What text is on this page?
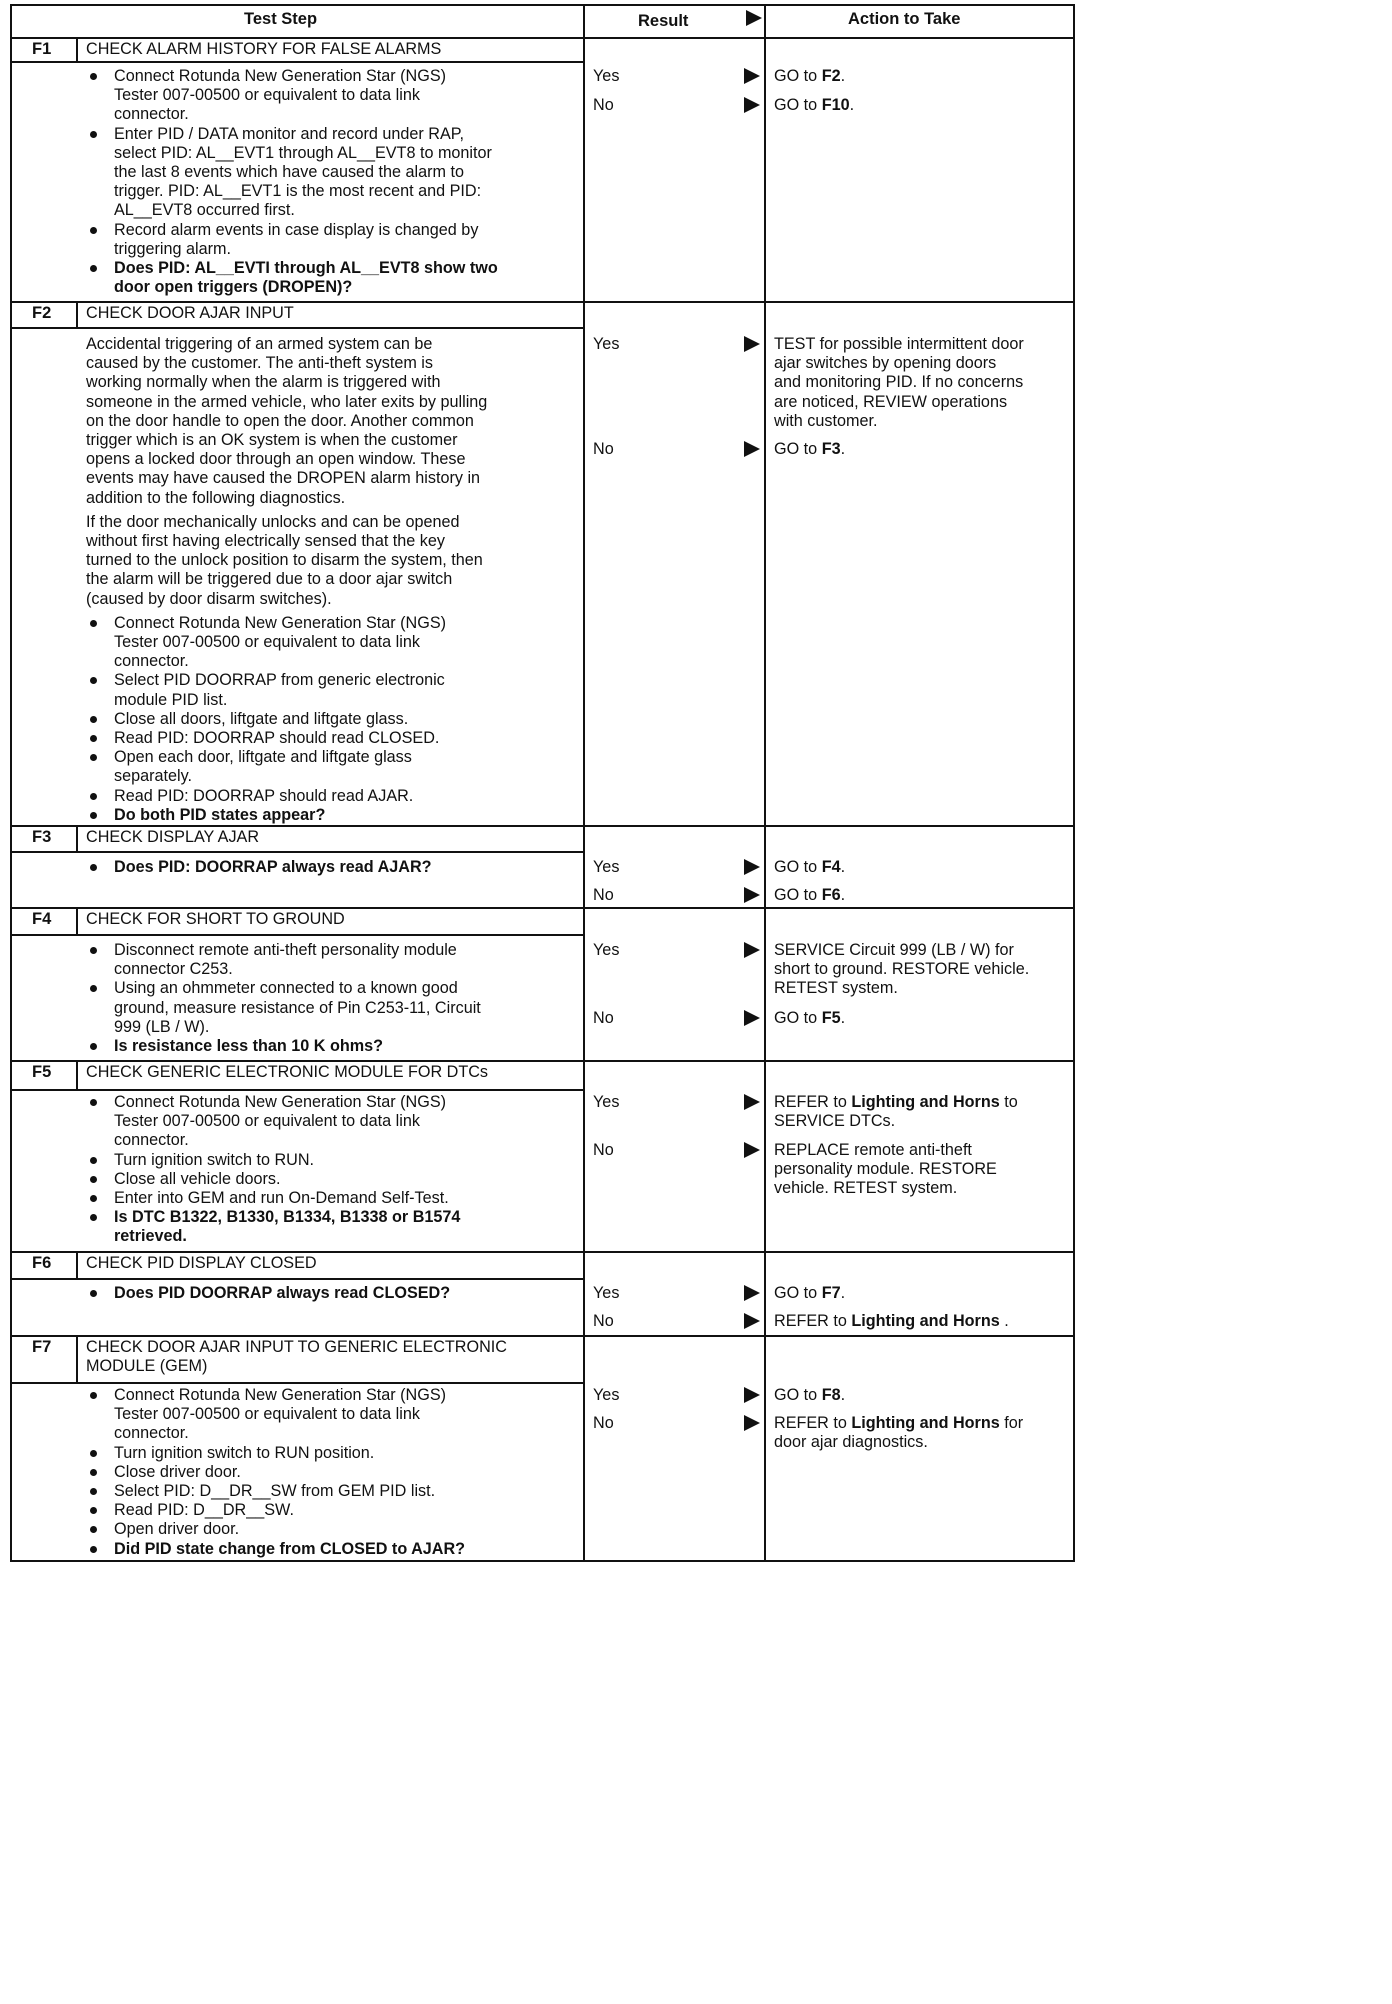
Test Step	Result	Action to Take
F1 CHECK ALARM HISTORY FOR FALSE ALARMS
Connect Rotunda New Generation Star (NGS)
Tester 007-00500 or equivalent to data link
connector.
Enter PID / DATA monitor and record under RAP,
select PID: AL__EVT1 through AL__EVT8 to monitor
the last 8 events which have caused the alarm to
trigger. PID: AL__EVT1 is the most recent and PID:
AL__EVT8 occurred first.
Record alarm events in case display is changed by
triggering alarm.
Does PID: AL__EVTI through AL__EVT8 show two
door open triggers (DROPEN)?
Yes	GO to F2.
No	GO to F10.
F2 CHECK DOOR AJAR INPUT
Accidental triggering of an armed system can be
caused by the customer. The anti-theft system is
working normally when the alarm is triggered with
someone in the armed vehicle, who later exits by pulling
on the door handle to open the door. Another common
trigger which is an OK system is when the customer
opens a locked door through an open window. These
events may have caused the DROPEN alarm history in
addition to the following diagnostics.
If the door mechanically unlocks and can be opened
without first having electrically sensed that the key
turned to the unlock position to disarm the system, then
the alarm will be triggered due to a door ajar switch
(caused by door disarm switches).
Connect Rotunda New Generation Star (NGS)
Tester 007-00500 or equivalent to data link
connector.
Select PID DOORRAP from generic electronic
module PID list.
Close all doors, liftgate and liftgate glass.
Read PID: DOORRAP should read CLOSED.
Open each door, liftgate and liftgate glass
separately.
Read PID: DOORRAP should read AJAR.
Do both PID states appear?
Yes	TEST for possible intermittent door
ajar switches by opening doors
and monitoring PID. If no concerns
are noticed, REVIEW operations
with customer.
No	GO to F3.
F3 CHECK DISPLAY AJAR
Does PID: DOORRAP always read AJAR?	Yes	GO to F4.
No	GO to F6.
F4 CHECK FOR SHORT TO GROUND
Disconnect remote anti-theft personality module
connector C253.
Using an ohmmeter connected to a known good
ground, measure resistance of Pin C253-11, Circuit
999 (LB / W).
Is resistance less than 10 K ohms?
Yes	SERVICE Circuit 999 (LB / W) for
short to ground. RESTORE vehicle.
RETEST system.
No	GO to F5.
F5 CHECK GENERIC ELECTRONIC MODULE FOR DTCs
Connect Rotunda New Generation Star (NGS)
Tester 007-00500 or equivalent to data link
connector.
Turn ignition switch to RUN.
Close all vehicle doors.
Enter into GEM and run On-Demand Self-Test.
Is DTC B1322, B1330, B1334, B1338 or B1574
retrieved.
Yes	REFER to Lighting and Horns to
SERVICE DTCs.
No	REPLACE remote anti-theft
personality module. RESTORE
vehicle. RETEST system.
F6 CHECK PID DISPLAY CLOSED
Does PID DOORRAP always read CLOSED?	Yes	GO to F7.
No	REFER to Lighting and Horns .
F7 CHECK DOOR AJAR INPUT TO GENERIC ELECTRONIC
MODULE (GEM)
Connect Rotunda New Generation Star (NGS)
Tester 007-00500 or equivalent to data link
connector.
Turn ignition switch to RUN position.
Close driver door.
Select PID: D__DR__SW from GEM PID list.
Read PID: D__DR__SW.
Open driver door.
Did PID state change from CLOSED to AJAR?
Yes	GO to F8.
No	REFER to Lighting and Horns for
door ajar diagnostics.
